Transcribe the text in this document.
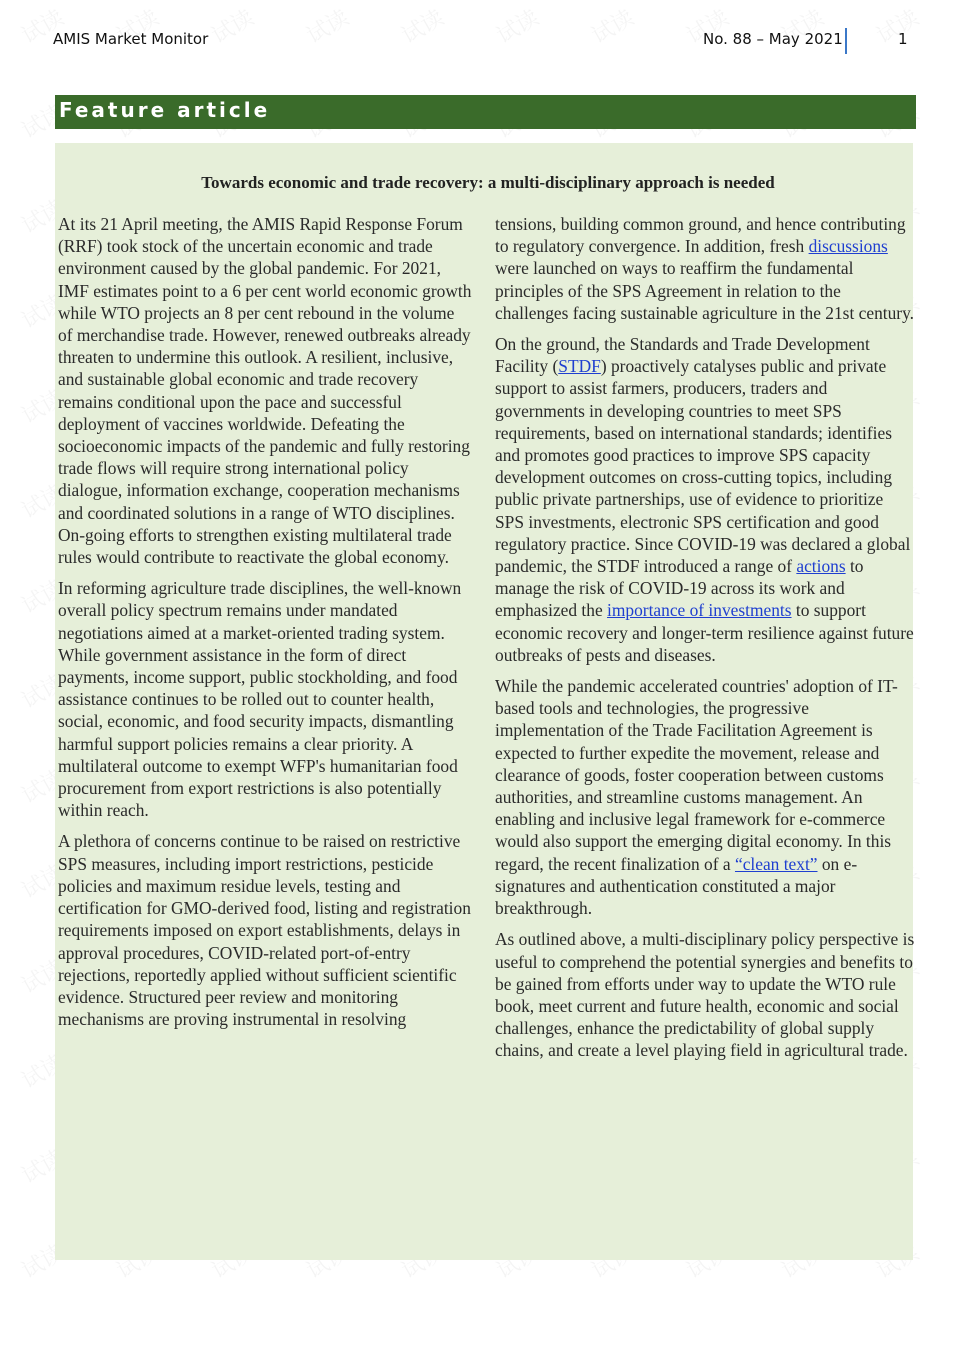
AMIS Market Monitor	No. 88 – May 2021	1
Feature article
Towards economic and trade recovery: a multi-disciplinary approach is needed

At its 21 April meeting, the AMIS Rapid Response Forum (RRF) took stock of the uncertain economic and trade environment caused by the global pandemic. For 2021, IMF estimates point to a 6 per cent world economic growth while WTO projects an 8 per cent rebound in the volume of merchandise trade. However, renewed outbreaks already threaten to undermine this outlook. A resilient, inclusive, and sustainable global economic and trade recovery remains conditional upon the pace and successful deployment of vaccines worldwide. Defeating the socioeconomic impacts of the pandemic and fully restoring trade flows will require strong international policy dialogue, information exchange, cooperation mechanisms and coordinated solutions in a range of WTO disciplines. On-going efforts to strengthen existing multilateral trade rules would contribute to reactivate the global economy.

In reforming agriculture trade disciplines, the well-known overall policy spectrum remains under mandated negotiations aimed at a market-oriented trading system. While government assistance in the form of direct payments, income support, public stockholding, and food assistance continues to be rolled out to counter health, social, economic, and food security impacts, dismantling harmful support policies remains a clear priority. A multilateral outcome to exempt WFP's humanitarian food procurement from export restrictions is also potentially within reach.

A plethora of concerns continue to be raised on restrictive SPS measures, including import restrictions, pesticide policies and maximum residue levels, testing and certification for GMO-derived food, listing and registration requirements imposed on export establishments, delays in approval procedures, COVID-related port-of-entry rejections, reportedly applied without sufficient scientific evidence. Structured peer review and monitoring mechanisms are proving instrumental in resolving

tensions, building common ground, and hence contributing to regulatory convergence. In addition, fresh discussions were launched on ways to reaffirm the fundamental principles of the SPS Agreement in relation to the challenges facing sustainable agriculture in the 21st century.

On the ground, the Standards and Trade Development Facility (STDF) proactively catalyses public and private support to assist farmers, producers, traders and governments in developing countries to meet SPS requirements, based on international standards; identifies and promotes good practices to improve SPS capacity development outcomes on cross-cutting topics, including public private partnerships, use of evidence to prioritize SPS investments, electronic SPS certification and good regulatory practice. Since COVID-19 was declared a global pandemic, the STDF introduced a range of actions to manage the risk of COVID-19 across its work and emphasized the importance of investments to support economic recovery and longer-term resilience against future outbreaks of pests and diseases.

While the pandemic accelerated countries' adoption of IT-based tools and technologies, the progressive implementation of the Trade Facilitation Agreement is expected to further expedite the movement, release and clearance of goods, foster cooperation between customs authorities, and streamline customs management. An enabling and inclusive legal framework for e-commerce would also support the emerging digital economy. In this regard, the recent finalization of a “clean text” on e-signatures and authentication constituted a major breakthrough.

As outlined above, a multi-disciplinary policy perspective is useful to comprehend the potential synergies and benefits to be gained from efforts under way to update the WTO rule book, meet current and future health, economic and social challenges, enhance the predictability of global supply chains, and create a level playing field in agricultural trade.
